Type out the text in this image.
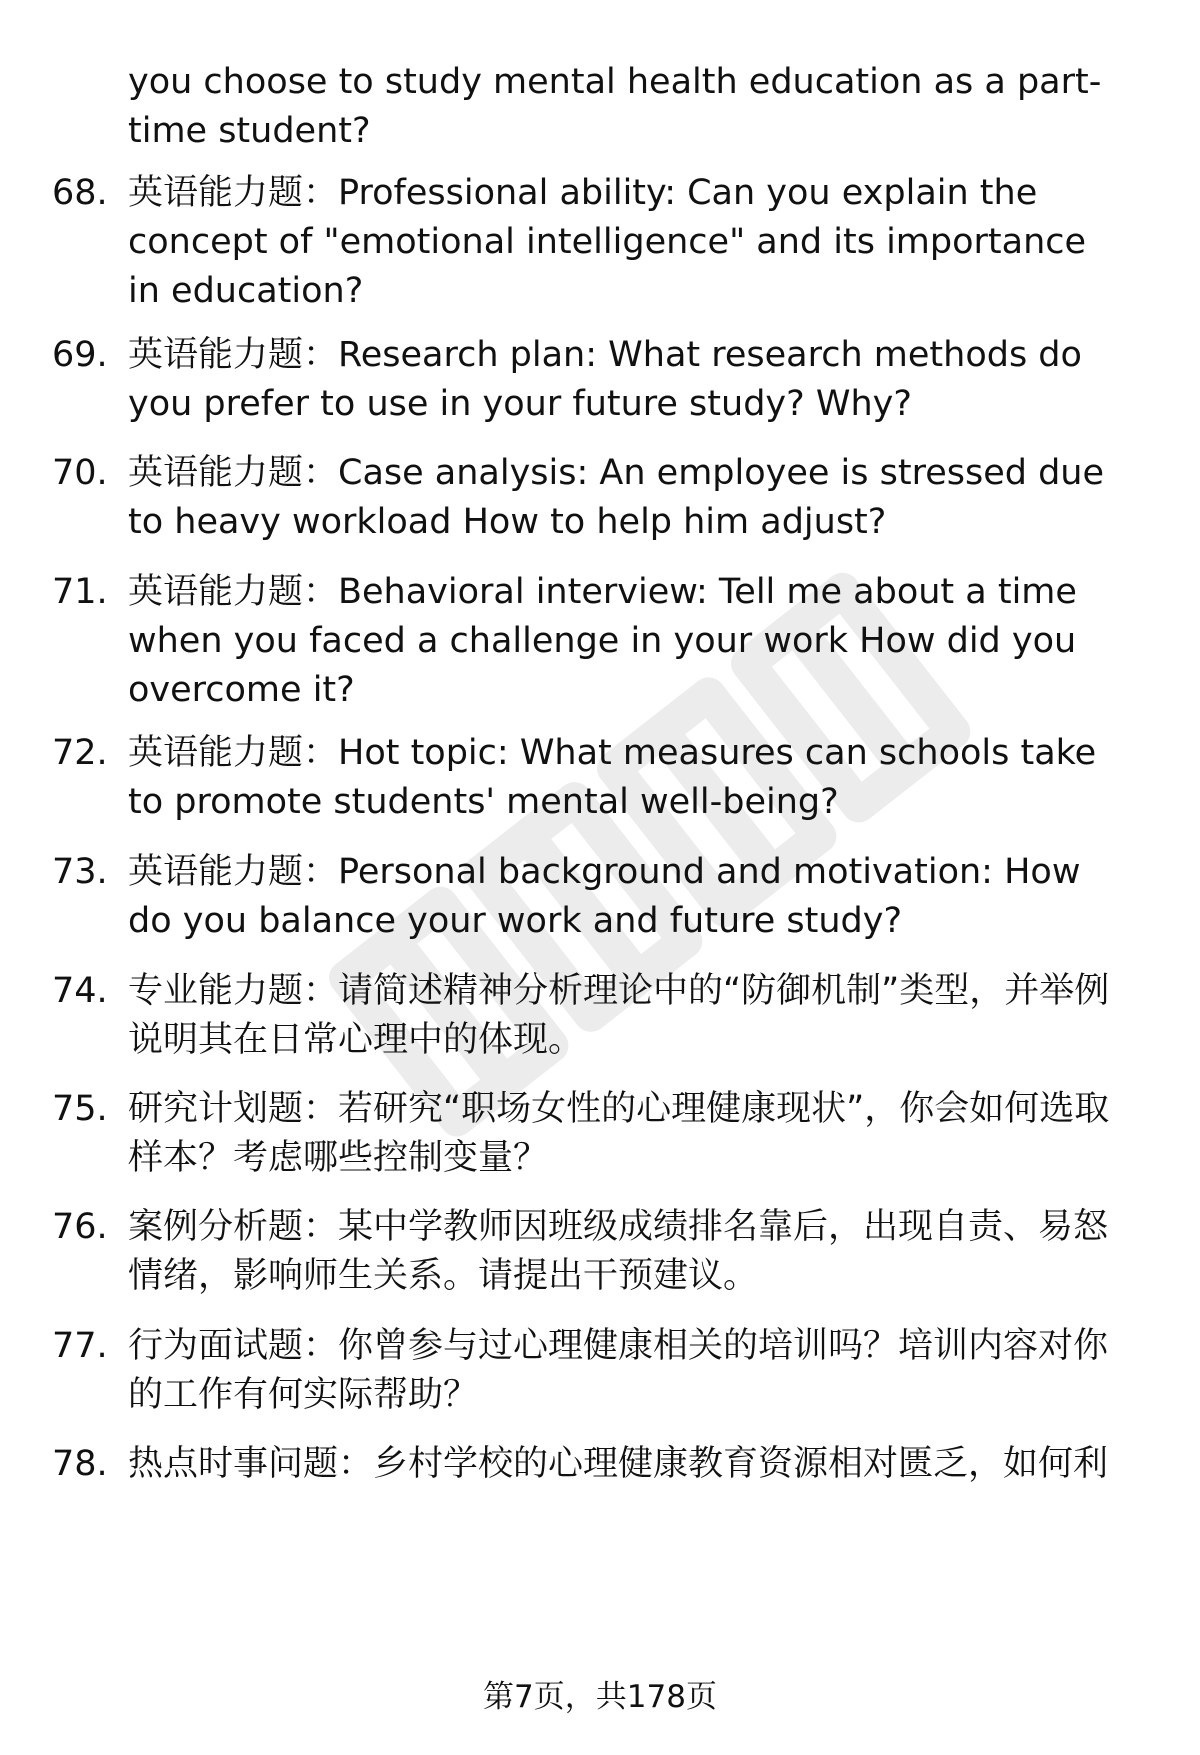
you choose to study mental health education as a part-time student?

68. 英语能力题：Professional ability: Can you explain the concept of "emotional intelligence" and its importance in education?
69. 英语能力题：Research plan: What research methods do you prefer to use in your future study? Why?
70. 英语能力题：Case analysis: An employee is stressed due to heavy workload How to help him adjust?
71. 英语能力题：Behavioral interview: Tell me about a time when you faced a challenge in your work How did you overcome it?
72. 英语能力题：Hot topic: What measures can schools take to promote students' mental well-being?
73. 英语能力题：Personal background and motivation: How do you balance your work and future study?
74. 专业能力题：请简述精神分析理论中的“防御机制”类型，并举例说明其在日常心理中的体现。
75. 研究计划题：若研究“职场女性的心理健康现状”，你会如何选取样本？考虑哪些控制变量？
76. 案例分析题：某中学教师因班级成绩排名靠后，出现自责、易怒情绪，影响师生关系。请提出干预建议。
77. 行为面试题：你曾参与过心理健康相关的培训吗？培训内容对你的工作有何实际帮助？
78. 热点时事问题：乡村学校的心理健康教育资源相对匮乏，如何利
第7页，共178页
